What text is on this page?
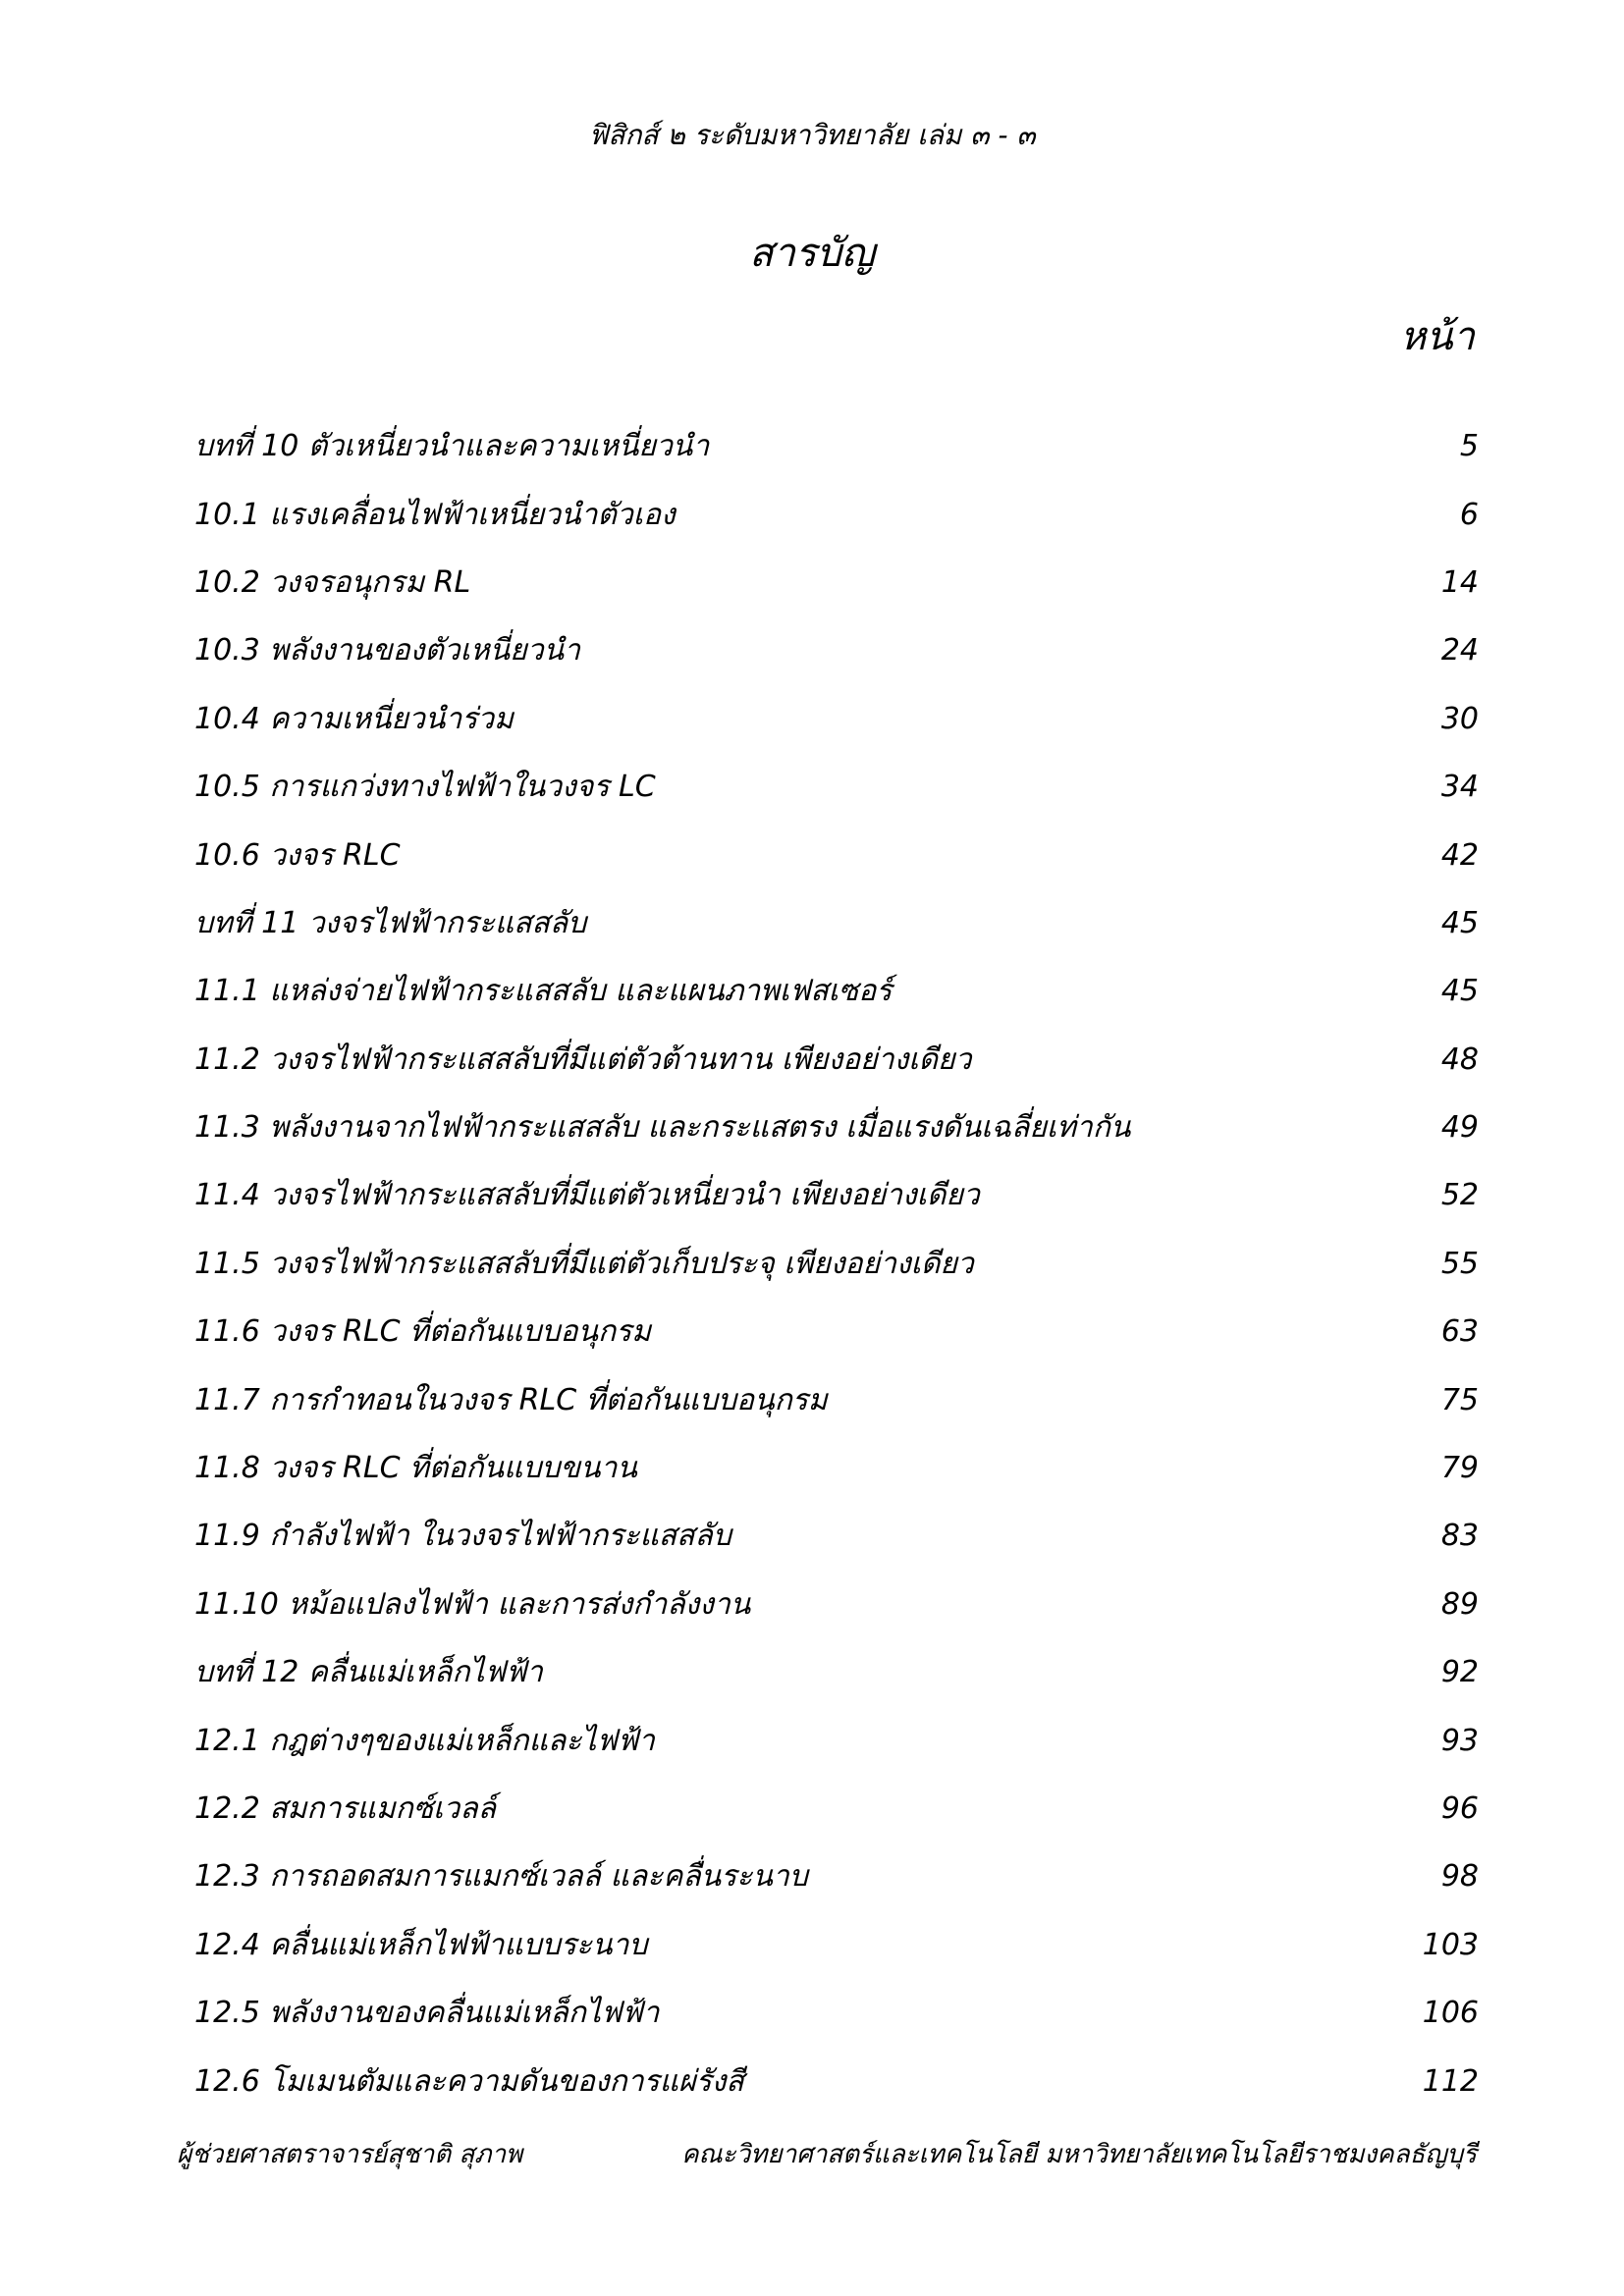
ฟิสิกส์ ๒ ระดับมหาวิทยาลัย เล่ม ๓ - ๓
สารบัญ
หน้า
บทที่ 10 ตัวเหนี่ยวนำและความเหนี่ยวนำ	5
10.1 แรงเคลื่อนไฟฟ้าเหนี่ยวนำตัวเอง	6
10.2 วงจรอนุกรม RL	14
10.3 พลังงานของตัวเหนี่ยวนำ	24
10.4 ความเหนี่ยวนำร่วม	30
10.5 การแกว่งทางไฟฟ้าในวงจร LC	34
10.6 วงจร RLC	42
บทที่ 11 วงจรไฟฟ้ากระแสสลับ	45
11.1 แหล่งจ่ายไฟฟ้ากระแสสลับ และแผนภาพเฟสเซอร์	45
11.2 วงจรไฟฟ้ากระแสสลับที่มีแต่ตัวต้านทาน เพียงอย่างเดียว	48
11.3 พลังงานจากไฟฟ้ากระแสสลับ และกระแสตรง เมื่อแรงดันเฉลี่ยเท่ากัน	49
11.4 วงจรไฟฟ้ากระแสสลับที่มีแต่ตัวเหนี่ยวนำ เพียงอย่างเดียว	52
11.5 วงจรไฟฟ้ากระแสสลับที่มีแต่ตัวเก็บประจุ เพียงอย่างเดียว	55
11.6 วงจร RLC ที่ต่อกันแบบอนุกรม	63
11.7 การกำทอนในวงจร RLC ที่ต่อกันแบบอนุกรม	75
11.8 วงจร RLC ที่ต่อกันแบบขนาน	79
11.9 กำลังไฟฟ้า ในวงจรไฟฟ้ากระแสสลับ	83
11.10 หม้อแปลงไฟฟ้า และการส่งกำลังงาน	89
บทที่ 12 คลื่นแม่เหล็กไฟฟ้า	92
12.1 กฎต่างๆของแม่เหล็กและไฟฟ้า	93
12.2 สมการแมกซ์เวลล์	96
12.3 การถอดสมการแมกซ์เวลล์ และคลื่นระนาบ	98
12.4 คลื่นแม่เหล็กไฟฟ้าแบบระนาบ	103
12.5 พลังงานของคลื่นแม่เหล็กไฟฟ้า	106
12.6 โมเมนตัมและความดันของการแผ่รังสี	112
ผู้ช่วยศาสตราจารย์สุชาติ สุภาพ	คณะวิทยาศาสตร์และเทคโนโลยี มหาวิทยาลัยเทคโนโลยีราชมงคลธัญบุรี
